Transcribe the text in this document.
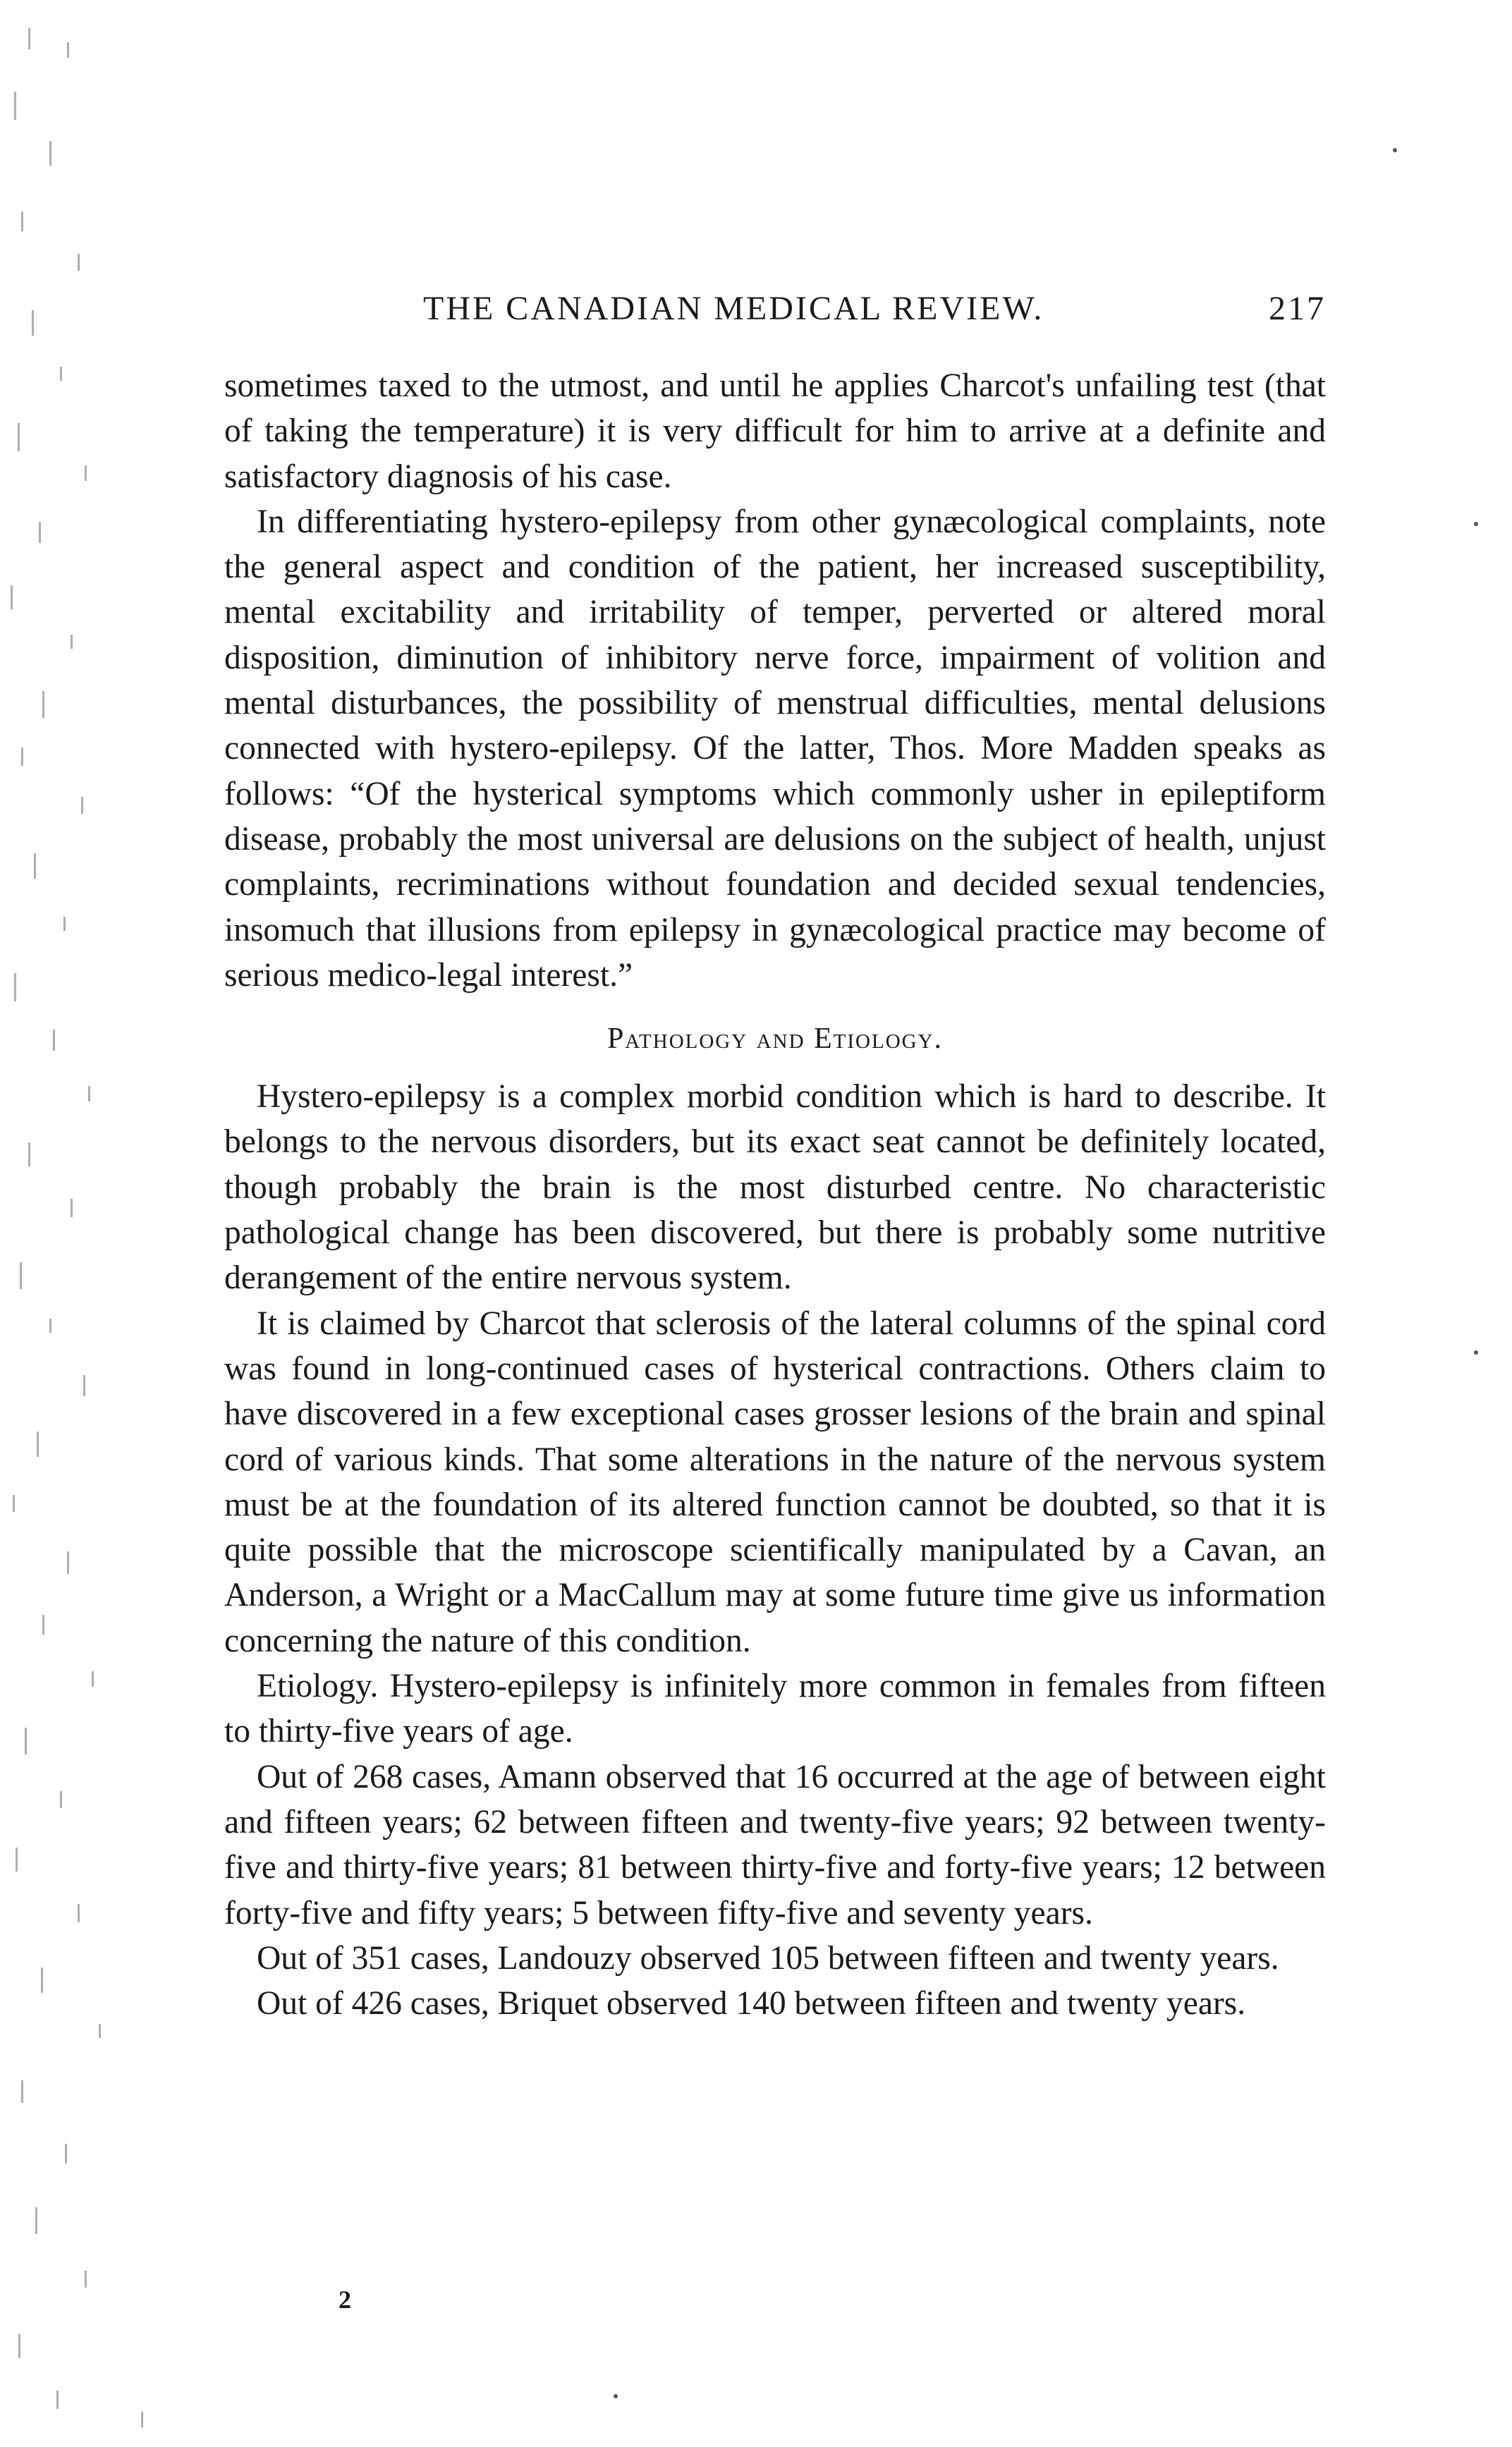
THE CANADIAN MEDICAL REVIEW.	217

sometimes taxed to the utmost, and until he applies Charcot's unfailing test (that of taking the temperature) it is very difficult for him to arrive at a definite and satisfactory diagnosis of his case.

In differentiating hystero-epilepsy from other gynæcological complaints, note the general aspect and condition of the patient, her increased susceptibility, mental excitability and irritability of temper, perverted or altered moral disposition, diminution of inhibitory nerve force, impairment of volition and mental disturbances, the possibility of menstrual difficulties, mental delusions connected with hystero-epilepsy. Of the latter, Thos. More Madden speaks as follows: “Of the hysterical symptoms which commonly usher in epileptiform disease, probably the most universal are delusions on the subject of health, unjust complaints, recriminations without foundation and decided sexual tendencies, insomuch that illusions from epilepsy in gynæcological practice may become of serious medico-legal interest.”

Pathology and Etiology.

Hystero-epilepsy is a complex morbid condition which is hard to describe. It belongs to the nervous disorders, but its exact seat cannot be definitely located, though probably the brain is the most disturbed centre. No characteristic pathological change has been discovered, but there is probably some nutritive derangement of the entire nervous system.

It is claimed by Charcot that sclerosis of the lateral columns of the spinal cord was found in long-continued cases of hysterical contractions. Others claim to have discovered in a few exceptional cases grosser lesions of the brain and spinal cord of various kinds. That some alterations in the nature of the nervous system must be at the foundation of its altered function cannot be doubted, so that it is quite possible that the microscope scientifically manipulated by a Cavan, an Anderson, a Wright or a MacCallum may at some future time give us information concerning the nature of this condition.

Etiology. Hystero-epilepsy is infinitely more common in females from fifteen to thirty-five years of age.

Out of 268 cases, Amann observed that 16 occurred at the age of between eight and fifteen years; 62 between fifteen and twenty-five years; 92 between twenty-five and thirty-five years; 81 between thirty-five and forty-five years; 12 between forty-five and fifty years; 5 between fifty-five and seventy years.

Out of 351 cases, Landouzy observed 105 between fifteen and twenty years.

Out of 426 cases, Briquet observed 140 between fifteen and twenty years.

2
